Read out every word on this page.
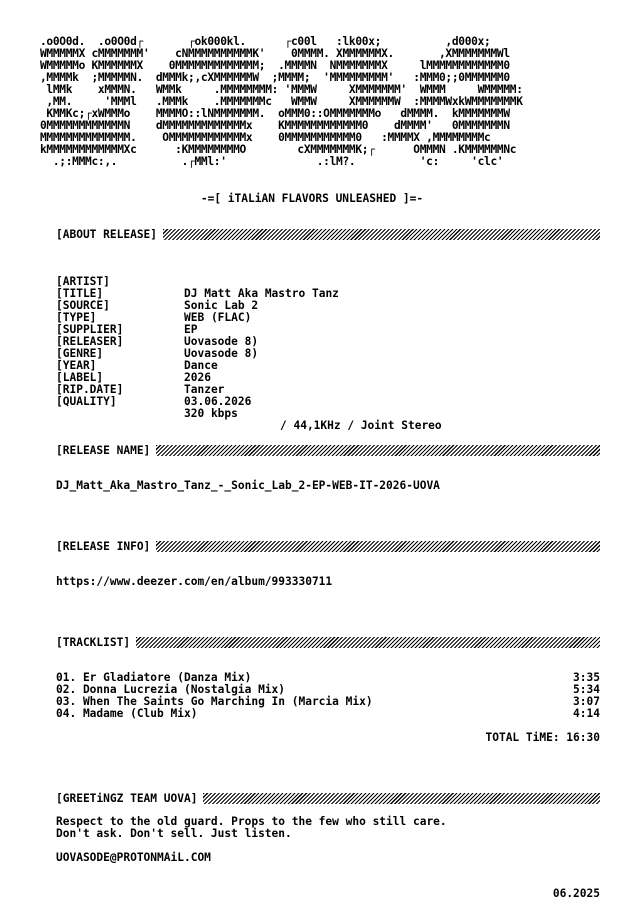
.o0O0d.  .o0O0d┌       ┌ok000kl.      ┌c00l   :lk00x;          ,d000x;
WMMMMMX cMMMMMMM'    cNMMMMMMMMMMK'    0MMMM. XMMMMMMX.       ,XMMMMMMMWl
WMMMMMo KMMMMMMX    0MMMMMMMMMMMMM;  .MMMMN  NMMMMMMMX     lMMMMMMMMMMMM0
,MMMMk  ;MMMMMN.  dMMMk;,cXMMMMMMW  ;MMMM;  'MMMMMMMMM'   :MMM0;;0MMMMMM0
lMMk    xMMMN.   WMMk     .MMMMMMMM: 'MMMW     XMMMMMMM'  WMMM     WMMMMM:
,MM.     'MMMl   .MMMk    .MMMMMMMc   WMMW     XMMMMMMW  :MMMMWxkWMMMMMMMK
KMMKc;┌xWMMMo    MMMMO::lNMMMMMMM.  oMMM0::OMMMMMMMo   dMMMM.  kMMMMMMMW
0MMMMMMMMMMMMN    dMMMMMMMMMMMMMx    KMMMMMMMMMMMM0    dMMMM'   0MMMMMMMN
MMMMMMMMMMMMMM.    OMMMMMMMMMMMMx    0MMMMMMMMMMM0   :MMMMX ,MMMMMMMMc
kMMMMMMMMMMMMXc      :KMMMMMMMMO        cXMMMMMMMK;┌      OMMMN .KMMMMMMNc
.;:MMMc:,.          .┌MMl:'              .:lM?.          'c:     'clc'
-=[ iTALiAN FLAVORS UNLEASHED ]=-
[ABOUT RELEASE]

[ARTIST]

DJ Matt Aka Mastro Tanz

[TITLE]

Sonic Lab 2

[SOURCE]

WEB (FLAC)

[TYPE]

EP

[SUPPLIER]

Uovasode 8)

[RELEASER]

Uovasode 8)

[GENRE]

Dance

[YEAR]

2026

[LABEL]

Tanzer

[RIP.DATE]

03.06.2026

[QUALITY]

320 kbps

/ 44,1KHz / Joint Stereo

[RELEASE NAME]
DJ_Matt_Aka_Mastro_Tanz_-_Sonic_Lab_2-EP-WEB-IT-2026-UOVA
[RELEASE INFO]
https://www.deezer.com/en/album/993330711
[TRACKLIST]
01. Er Gladiatore (Danza Mix)	3:35
02. Donna Lucrezia (Nostalgia Mix)	5:34
03. When The Saints Go Marching In (Marcia Mix)	3:07
04. Madame (Club Mix)	4:14
TOTAL TiME: 16:30
[GREETiNGZ TEAM UOVA]
Respect to the old guard. Props to the few who still care.
Don't ask. Don't sell. Just listen.
UOVASODE@PROTONMAiL.COM
06.2025
